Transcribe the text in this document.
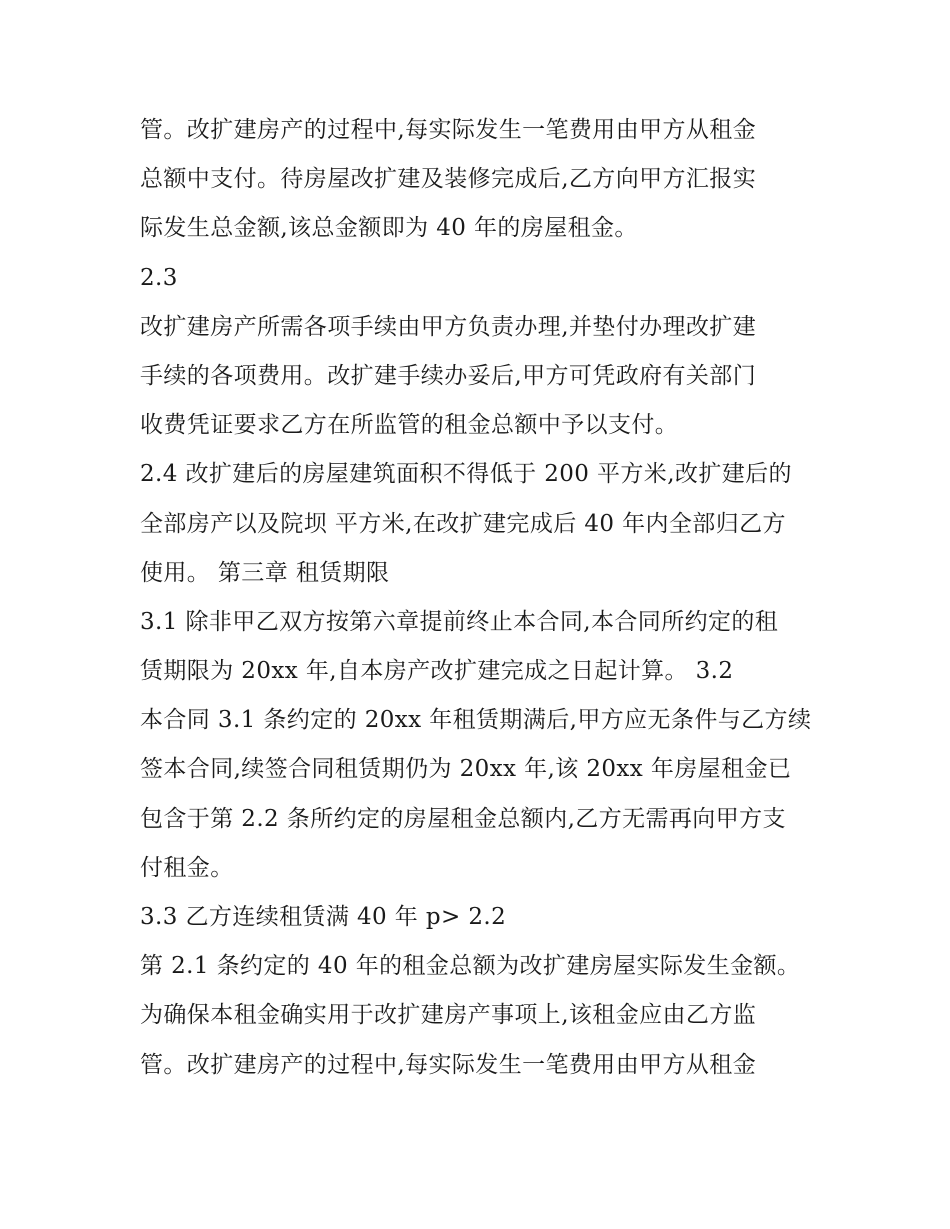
管。改扩建房产的过程中,每实际发生一笔费用由甲方从租金
总额中支付。待房屋改扩建及装修完成后,乙方向甲方汇报实
际发生总金额,该总金额即为 40 年的房屋租金。
2.3
改扩建房产所需各项手续由甲方负责办理,并垫付办理改扩建
手续的各项费用。改扩建手续办妥后,甲方可凭政府有关部门
收费凭证要求乙方在所监管的租金总额中予以支付。
2.4 改扩建后的房屋建筑面积不得低于 200 平方米,改扩建后的
全部房产以及院坝 平方米,在改扩建完成后 40 年内全部归乙方
使用。 第三章 租赁期限
3.1 除非甲乙双方按第六章提前终止本合同,本合同所约定的租
赁期限为 20xx 年,自本房产改扩建完成之日起计算。 3.2
本合同 3.1 条约定的 20xx 年租赁期满后,甲方应无条件与乙方续
签本合同,续签合同租赁期仍为 20xx 年,该 20xx 年房屋租金已
包含于第 2.2 条所约定的房屋租金总额内,乙方无需再向甲方支
付租金。
3.3 乙方连续租赁满 40 年 p> 2.2
第 2.1 条约定的 40 年的租金总额为改扩建房屋实际发生金额。
为确保本租金确实用于改扩建房产事项上,该租金应由乙方监
管。改扩建房产的过程中,每实际发生一笔费用由甲方从租金
